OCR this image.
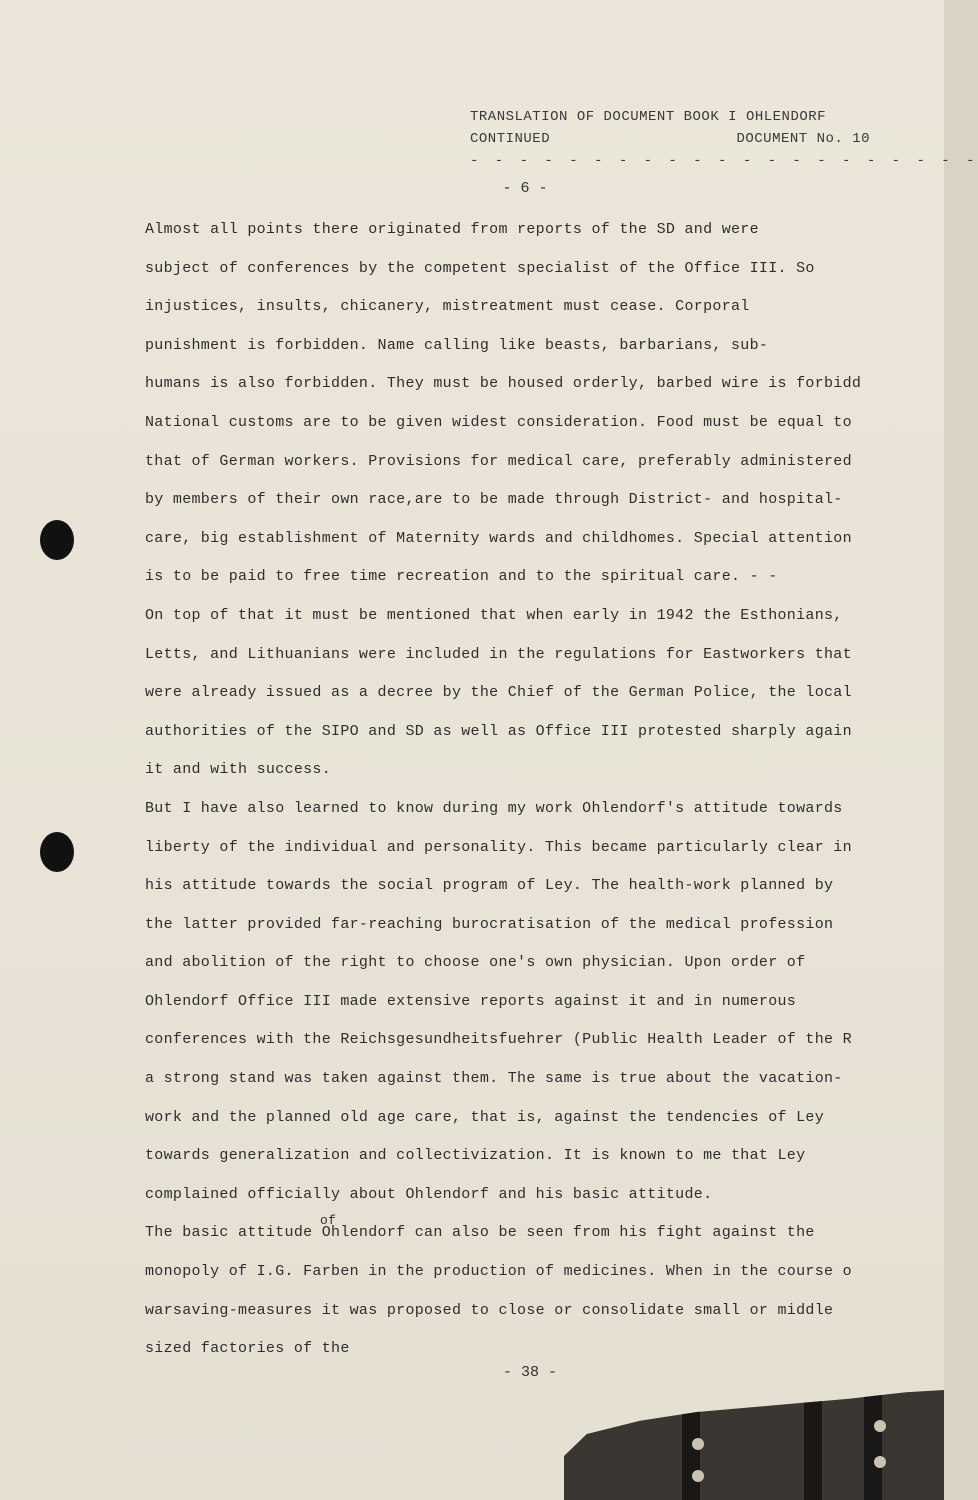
TRANSLATION OF DOCUMENT BOOK I OHLENDORF
CONTINUED	DOCUMENT No. 10
- - - - - - - - - - - - - - - - - - - - -
- 6 -
Almost all points there originated from reports of the SD and were
subject of conferences by the competent specialist of the Office III. So
injustices, insults, chicanery, mistreatment must cease. Corporal
punishment is forbidden. Name calling like beasts, barbarians, sub-
humans is also forbidden. They must be housed orderly, barbed wire is forbidd
National customs are to be given widest consideration. Food must be equal to
that of German workers. Provisions for medical care, preferably administered
by members of their own race,are to be made through District- and hospital-
care, big establishment of Maternity wards and childhomes. Special attention
is to be paid to free time recreation and to the spiritual care. - -
On top of that it must be mentioned that when early in 1942 the Esthonians,
Letts, and Lithuanians were included in the regulations for Eastworkers that
were already issued as a decree by the Chief of the German Police, the local
authorities of the SIPO and SD as well as Office III protested sharply again
it and with success.
But I have also learned to know during my work Ohlendorf's attitude towards
liberty of the individual and personality. This became particularly clear in
his attitude towards the social program of Ley. The health-work planned by
the latter provided far-reaching burocratisation of the medical profession
and abolition of the right to choose one's own physician. Upon order of
Ohlendorf Office III made extensive reports against it and in numerous
conferences with the Reichsgesundheitsfuehrer (Public Health Leader of the R
a strong stand was taken against them. The same is true about the vacation-
work and the planned old age care, that is, against the tendencies of Ley
towards generalization and collectivization. It is known to me that Ley
complained officially about Ohlendorf and his basic attitude.
of
The basic attitude Ohlendorf can also be seen from his fight against the
monopoly of I.G. Farben in the production of medicines. When in the course o
warsaving-measures it was proposed to close or consolidate small or middle
sized factories of the
- 38 -
